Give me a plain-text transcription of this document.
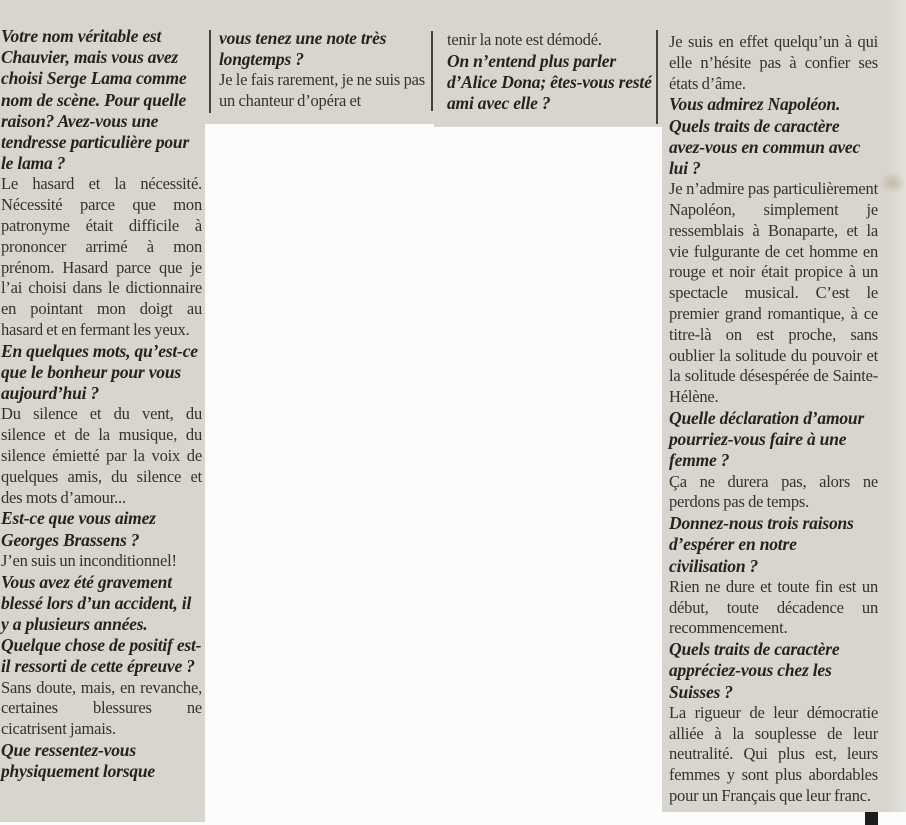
Votre nom véritable est Chauvier, mais vous avez choisi Serge Lama comme nom de scène. Pour quelle raison? Avez-vous une tendresse particulière pour le lama ?

Le hasard et la nécessité. Nécessité parce que mon patronyme était difficile à prononcer arrimé à mon prénom. Hasard parce que je l’ai choisi dans le dictionnaire en pointant mon doigt au hasard et en fermant les yeux.

En quelques mots, qu’est-ce que le bonheur pour vous aujourd’hui ?

Du silence et du vent, du silence et de la musique, du silence émietté par la voix de quelques amis, du silence et des mots d’amour...

Est-ce que vous aimez Georges Brassens ?

J’en suis un inconditionnel!

Vous avez été gravement blessé lors d’un accident, il y a plusieurs années. Quelque chose de positif est-il ressorti de cette épreuve ?

Sans doute, mais, en revanche, certaines blessures ne cicatrisent jamais.

Que ressentez-vous physiquement lorsque

vous tenez une note très longtemps ?

Je le fais rarement, je ne suis pas un chanteur d’opéra et

tenir la note est démodé.

On n’entend plus parler d’Alice Dona; êtes-vous resté ami avec elle ?

Je suis en effet quelqu’un à qui elle n’hésite pas à confier ses états d’âme.

Vous admirez Napoléon. Quels traits de caractère avez-vous en commun avec lui ?

Je n’admire pas particulièrement Napoléon, simplement je ressemblais à Bonaparte, et la vie fulgurante de cet homme en rouge et noir était propice à un spectacle musical. C’est le premier grand romantique, à ce titre-là on est proche, sans oublier la solitude du pouvoir et la solitude désespérée de Sainte-Hélène.

Quelle déclaration d’amour pourriez-vous faire à une femme ?

Ça ne durera pas, alors ne perdons pas de temps.

Donnez-nous trois raisons d’espérer en notre civilisation ?

Rien ne dure et toute fin est un début, toute décadence un recommencement.

Quels traits de caractère appréciez-vous chez les Suisses ?

La rigueur de leur démocratie alliée à la souplesse de leur neutralité. Qui plus est, leurs femmes y sont plus abordables pour un Français que leur franc.
